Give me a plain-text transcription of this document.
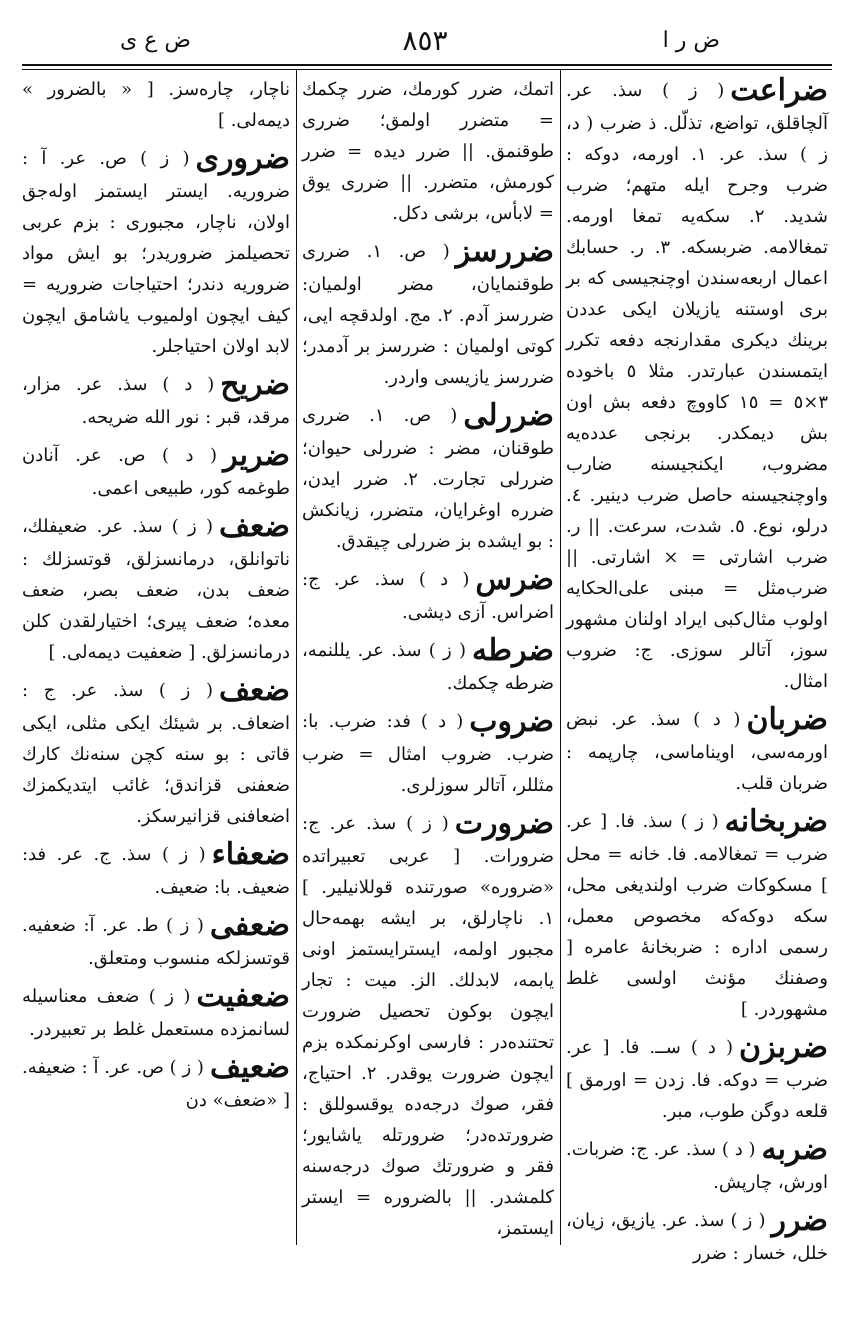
ض ع ى	٨٥٣	ض ر ا
ضراعت( ز ) سذ. عر. آلچا‌قلق، تواضع، تذلّل. ذ ضرب ( د، ز ) سذ. عر. ١. اورمه، دوكه : ضرب وجرح ايله متهم؛ ضرب شديد. ٢. سكه‌يه تمغا اورمه. تمغالامه. ضربسكه. ٣. ر. حسابك اعمال اربعه‌سندن اوچنجيسى كه بر برى اوستنه يازيلان ايكى عددن برينك ديكرى مقدارنجه دفعه تكرر ايتمسندن عبارتدر. مثلا ٥ باخوده ٣×٥ = ١٥ كاووچ دفعه بش اون بش ديمكدر. برنجى عدده‌يه مضروب، ايكنجيسنه ضارب واوچنجيسنه حاصل ضرب دينير. ٤. درلو، نوع. ٥. شدت، سرعت. || ر. ضرب اشارتى = × اشارتى. || ضرب‌مثل = مبنى على‌الحكايه اولوب مثال‌كبى ايراد اولنان مشهور سوز، آتالر سوزى. ج: ضروب امثال.
ضربان( د ) سذ. عر. نبض اورمه‌سى، اويناماسى، چارپمه : ضربان قلب.
ضربخانه( ز ) سذ. فا. [ عر. ضرب = تمغالامه. فا. خانه = محل ] مسكوكات ضرب اولنديغى محل، سكه دوكه‌كه مخصوص معمل، رسمى اداره : ضربخانهٔ عامره [ وصفنك مؤنث اولسى غلط مشهوردر. ]
ضربزن( د ) ســ. فا. [ عر. ضرب = دوكه. فا. زدن = اورمق ] قلعه دوگن طوب، مبر.
ضربه( د ) سذ. عر. ج: ضربات. اورش، چارپش.
ضرر( ز ) سذ. عر. يازيق، زيان، خلل، خسار : ضرر
اتمك، ضرر كورمك، ضرر چكمك = متضرر اولمق؛ ضررى طوقنمق. || ضرر ديده = ضرر كورمش، متضرر. || ضررى يوق = لابأس، برشى دكل.
ضررسز( ص. ١. ضررى طوقنمايان، مضر اولميان: ضررسز آدم. ٢. مج. اولدقچه ايى، كوتى اولميان : ضررسز بر آدمدر؛ ضررسز يازيسى واردر.
ضررلى( ص. ١. ضررى طوقنان، مضر : ضررلى حيوان؛ ضررلى تجارت. ٢. ضرر ايدن، ضرره اوغرايان، متضرر، زيانكش : بو ايشده بز ضررلى چيقدق.
ضرس( د ) سذ. عر. ج: اضراس. آزى ديشى.
ضرطه( ز ) سذ. عر. يللنمه، ضرطه چكمك.
ضروب( د ) فد: ضرب. با: ضرب. ضروب امثال = ضرب مثللر، آتالر سوزلرى.
ضرورت( ز ) سذ. عر. ج: ضرورات. [ عربى تعبيراتده «ضروره» صورتنده قوللانيلير. ] ١. ناچارلق، بر ايشه بهمه‌حال مجبور اولمه، ايسترايستمز اونى يابمه، لابدلك. الز. ميت : تجار ايچون بوكون تحصيل ضرورت تحتنده‌در : فارسى اوكرنمكده بزم ايچون ضرورت يوقدر. ٢. احتياج، فقر، صوك درجه‌ده يوقسوللق : ضرورتده‌در؛ ضرورتله ياشايور؛ فقر و ضرورتك صوك درجه‌سنه كلمشدر. || بالضروره = ايستر ايستمز،
ناچار، چاره‌سز. [ « بالضرور » ديمه‌لى. ]
ضرورى( ز ) ص. عر. آ : ضروريه. ايستر ايستمز اوله‌جق اولان، ناچار، مجبورى : بزم عربى تحصيلمز ضروريدر؛ بو ايش مواد ضروريه دندر؛ احتياجات ضروريه = كيف ايچون اولميوب ياشامق ايچون لابد اولان احتياجلر.
ضريح( د ) سذ. عر. مزار، مرقد، قبر : نور الله ضريحه.
ضرير( د ) ص. عر. آنادن طوغمه كور، طبيعى اعمى.
ضعف( ز ) سذ. عر. ضعيفلك، ناتوانلق، درمانسزلق، قوتسزلك : ضعف بدن، ضعف بصر، ضعف معده؛ ضعف پيرى؛ اختيارلقدن كلن درمانسزلق. [ ضعفيت ديمه‌لى. ]
ضعف( ز ) سذ. عر. ج : اضعاف. بر شيئك ايكى مثلى، ايكى قاتى : بو سنه كچن سنه‌نك كارك ضعفنى قزاندق؛ غائب ايتديكمزك اضعافنى قزانيرسكز.
ضعفاء( ز ) سذ. ج. عر. فد: ضعيف. با: ضعيف.
ضعفى( ز ) ط. عر. آ: ضعفيه. قوتسزلكه منسوب ومتعلق.
ضعفيت( ز ) ضعف معناسيله لسانمزده مستعمل غلط بر تعبيردر.
ضعيف( ز ) ص. عر. آ : ضعيفه. [ «ضعف» دن
